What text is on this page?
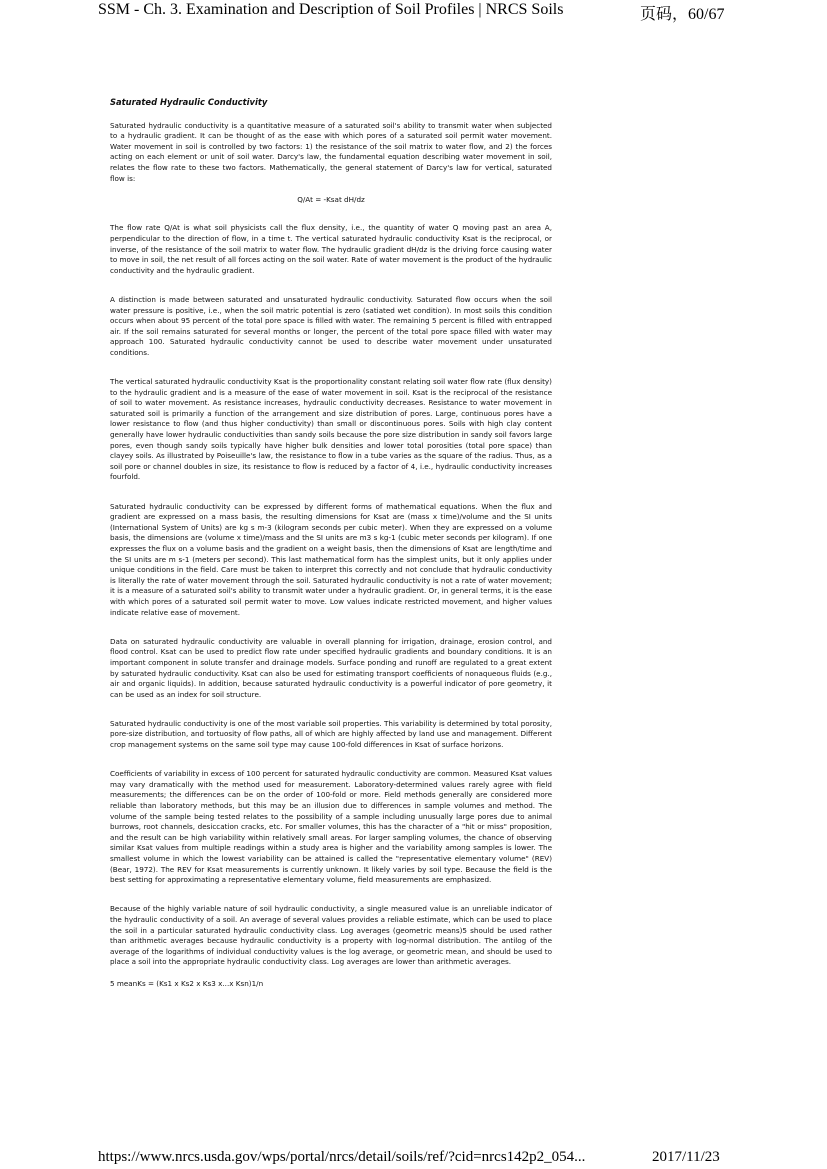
SSM - Ch. 3. Examination and Description of Soil Profiles | NRCS Soils	页码，60/67
Saturated Hydraulic Conductivity

Saturated hydraulic conductivity is a quantitative measure of a saturated soil's ability to transmit water when subjected to a hydraulic gradient. It can be thought of as the ease with which pores of a saturated soil permit water movement. Water movement in soil is controlled by two factors: 1) the resistance of the soil matrix to water flow, and 2) the forces acting on each element or unit of soil water. Darcy's law, the fundamental equation describing water movement in soil, relates the flow rate to these two factors. Mathematically, the general statement of Darcy's law for vertical, saturated flow is:

Q/At = -Ksat dH/dz

The flow rate Q/At is what soil physicists call the flux density, i.e., the quantity of water Q moving past an area A, perpendicular to the direction of flow, in a time t. The vertical saturated hydraulic conductivity Ksat is the reciprocal, or inverse, of the resistance of the soil matrix to water flow. The hydraulic gradient dH/dz is the driving force causing water to move in soil, the net result of all forces acting on the soil water. Rate of water movement is the product of the hydraulic conductivity and the hydraulic gradient.

A distinction is made between saturated and unsaturated hydraulic conductivity. Saturated flow occurs when the soil water pressure is positive, i.e., when the soil matric potential is zero (satiated wet condition). In most soils this condition occurs when about 95 percent of the total pore space is filled with water. The remaining 5 percent is filled with entrapped air. If the soil remains saturated for several months or longer, the percent of the total pore space filled with water may approach 100. Saturated hydraulic conductivity cannot be used to describe water movement under unsaturated conditions.

The vertical saturated hydraulic conductivity Ksat is the proportionality constant relating soil water flow rate (flux density) to the hydraulic gradient and is a measure of the ease of water movement in soil. Ksat is the reciprocal of the resistance of soil to water movement. As resistance increases, hydraulic conductivity decreases. Resistance to water movement in saturated soil is primarily a function of the arrangement and size distribution of pores. Large, continuous pores have a lower resistance to flow (and thus higher conductivity) than small or discontinuous pores. Soils with high clay content generally have lower hydraulic conductivities than sandy soils because the pore size distribution in sandy soil favors large pores, even though sandy soils typically have higher bulk densities and lower total porosities (total pore space) than clayey soils. As illustrated by Poiseuille's law, the resistance to flow in a tube varies as the square of the radius. Thus, as a soil pore or channel doubles in size, its resistance to flow is reduced by a factor of 4, i.e., hydraulic conductivity increases fourfold.

Saturated hydraulic conductivity can be expressed by different forms of mathematical equations. When the flux and gradient are expressed on a mass basis, the resulting dimensions for Ksat are (mass x time)/volume and the SI units (International System of Units) are kg s m-3 (kilogram seconds per cubic meter). When they are expressed on a volume basis, the dimensions are (volume x time)/mass and the SI units are m3 s kg-1 (cubic meter seconds per kilogram). If one expresses the flux on a volume basis and the gradient on a weight basis, then the dimensions of Ksat are length/time and the SI units are m s-1 (meters per second). This last mathematical form has the simplest units, but it only applies under unique conditions in the field. Care must be taken to interpret this correctly and not conclude that hydraulic conductivity is literally the rate of water movement through the soil. Saturated hydraulic conductivity is not a rate of water movement; it is a measure of a saturated soil's ability to transmit water under a hydraulic gradient. Or, in general terms, it is the ease with which pores of a saturated soil permit water to move. Low values indicate restricted movement, and higher values indicate relative ease of movement.

Data on saturated hydraulic conductivity are valuable in overall planning for irrigation, drainage, erosion control, and flood control. Ksat can be used to predict flow rate under specified hydraulic gradients and boundary conditions. It is an important component in solute transfer and drainage models. Surface ponding and runoff are regulated to a great extent by saturated hydraulic conductivity. Ksat can also be used for estimating transport coefficients of nonaqueous fluids (e.g., air and organic liquids). In addition, because saturated hydraulic conductivity is a powerful indicator of pore geometry, it can be used as an index for soil structure.

Saturated hydraulic conductivity is one of the most variable soil properties. This variability is determined by total porosity, pore-size distribution, and tortuosity of flow paths, all of which are highly affected by land use and management. Different crop management systems on the same soil type may cause 100-fold differences in Ksat of surface horizons.

Coefficients of variability in excess of 100 percent for saturated hydraulic conductivity are common. Measured Ksat values may vary dramatically with the method used for measurement. Laboratory-determined values rarely agree with field measurements; the differences can be on the order of 100-fold or more. Field methods generally are considered more reliable than laboratory methods, but this may be an illusion due to differences in sample volumes and method. The volume of the sample being tested relates to the possibility of a sample including unusually large pores due to animal burrows, root channels, desiccation cracks, etc. For smaller volumes, this has the character of a "hit or miss" proposition, and the result can be high variability within relatively small areas. For larger sampling volumes, the chance of observing similar Ksat values from multiple readings within a study area is higher and the variability among samples is lower. The smallest volume in which the lowest variability can be attained is called the "representative elementary volume" (REV) (Bear, 1972). The REV for Ksat measurements is currently unknown. It likely varies by soil type. Because the field is the best setting for approximating a representative elementary volume, field measurements are emphasized.

Because of the highly variable nature of soil hydraulic conductivity, a single measured value is an unreliable indicator of the hydraulic conductivity of a soil. An average of several values provides a reliable estimate, which can be used to place the soil in a particular saturated hydraulic conductivity class. Log averages (geometric means)5 should be used rather than arithmetic averages because hydraulic conductivity is a property with log-normal distribution. The antilog of the average of the logarithms of individual conductivity values is the log average, or geometric mean, and should be used to place a soil into the appropriate hydraulic conductivity class. Log averages are lower than arithmetic averages.

5 meanKs = (Ks1 x Ks2 x Ks3 x...x Ksn)1/n
https://www.nrcs.usda.gov/wps/portal/nrcs/detail/soils/ref/?cid=nrcs142p2_054...	2017/11/23
